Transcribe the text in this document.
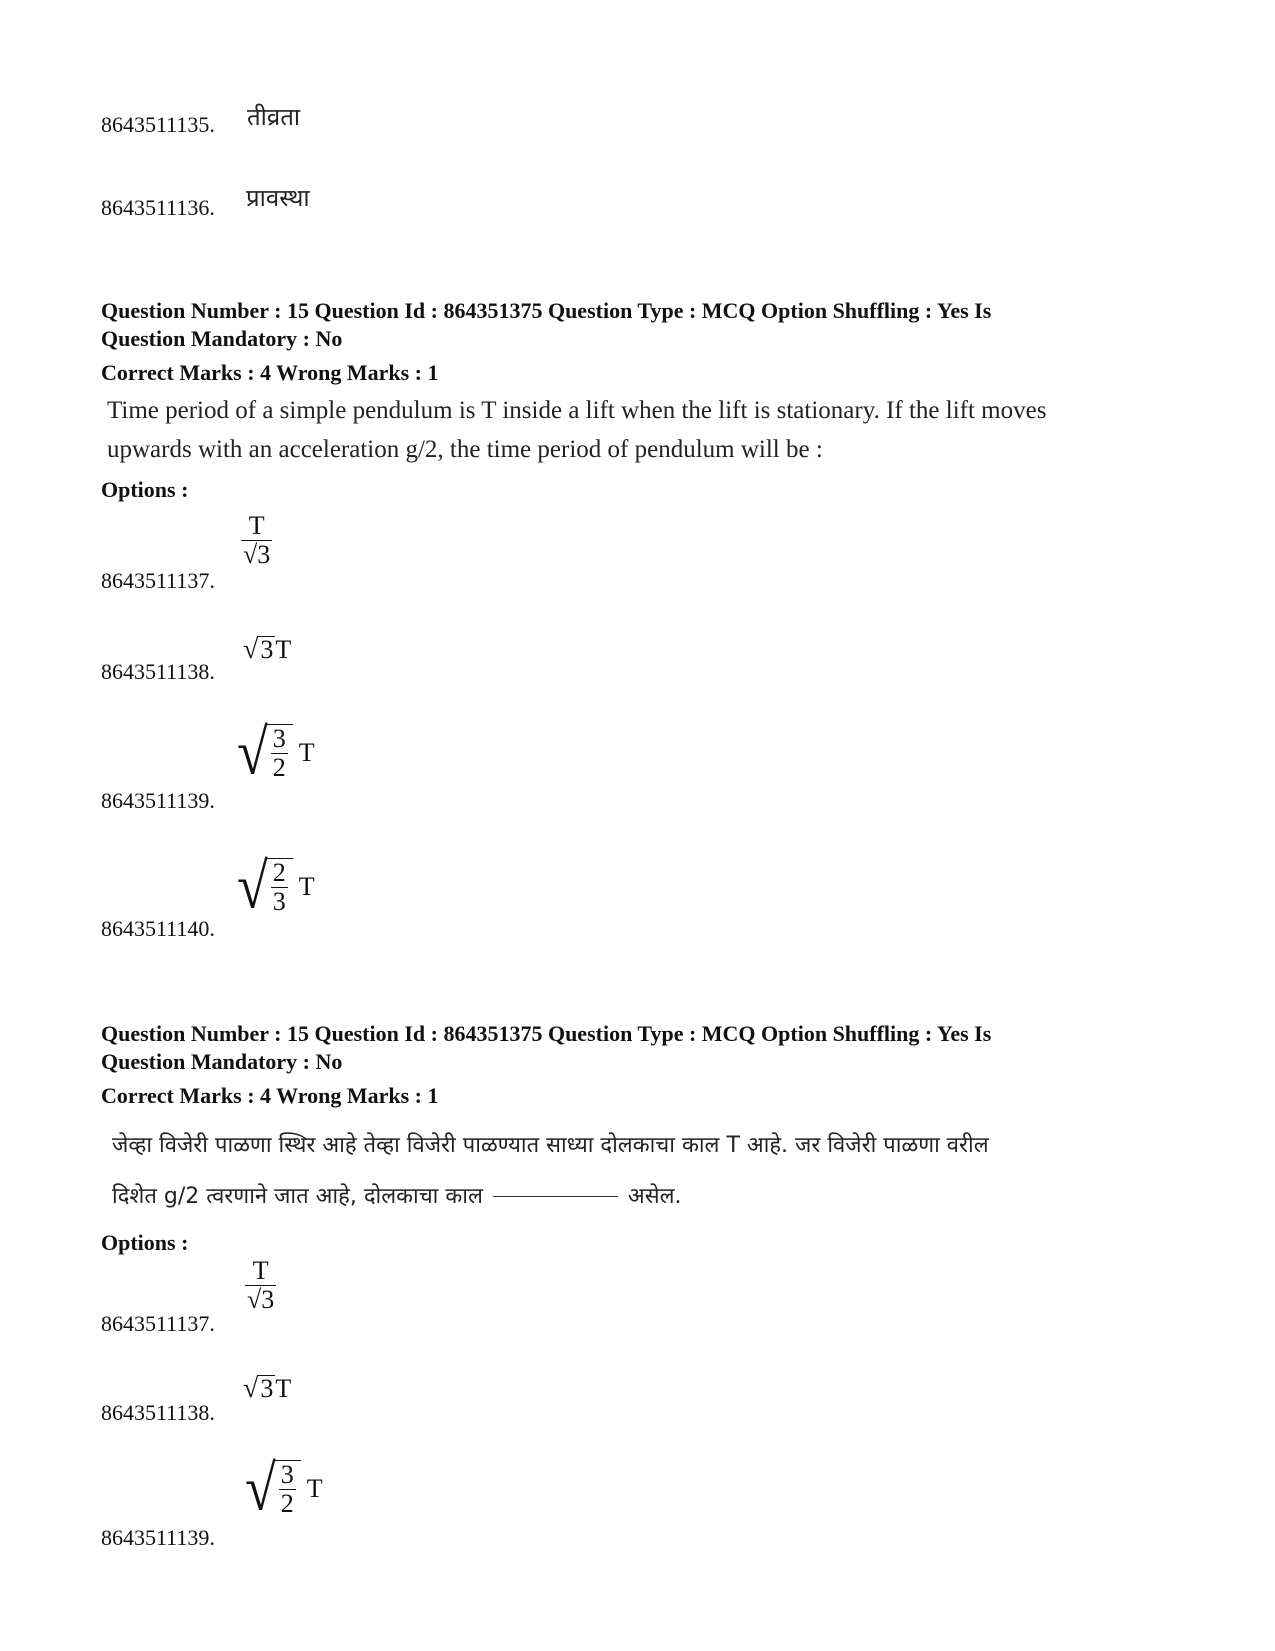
8643511135. तीव्रता
8643511136. प्रावस्था
Question Number : 15 Question Id : 864351375 Question Type : MCQ Option Shuffling : Yes Is
Question Mandatory : No
Correct Marks : 4 Wrong Marks : 1
Time period of a simple pendulum is T inside a lift when the lift is stationary. If the lift moves
upwards with an acceleration g/2, the time period of pendulum will be :
Options :
8643511137.
$\frac{T}{√3}$
8643511138.
√ 3 T
8643511139.
√
$\frac{3}{2}$ T
8643511140.
√
$\frac{2}{3}$ T
Question Number : 15 Question Id : 864351375 Question Type : MCQ Option Shuffling : Yes Is
Question Mandatory : No
Correct Marks : 4 Wrong Marks : 1
जेव्हा विजेरी पाळणा स्थिर आहे तेव्हा विजेरी पाळण्यात साध्या दोलकाचा काल T आहे. जर विजेरी पाळणा वरील
दिशेत g/2 त्वरणाने जात आहे, दोलकाचा काल	असेल.
Options :
8643511137.
$\frac{T}{√3}$
8643511138.
√ 3 T
8643511139.
√
$\frac{3}{2}$ T
